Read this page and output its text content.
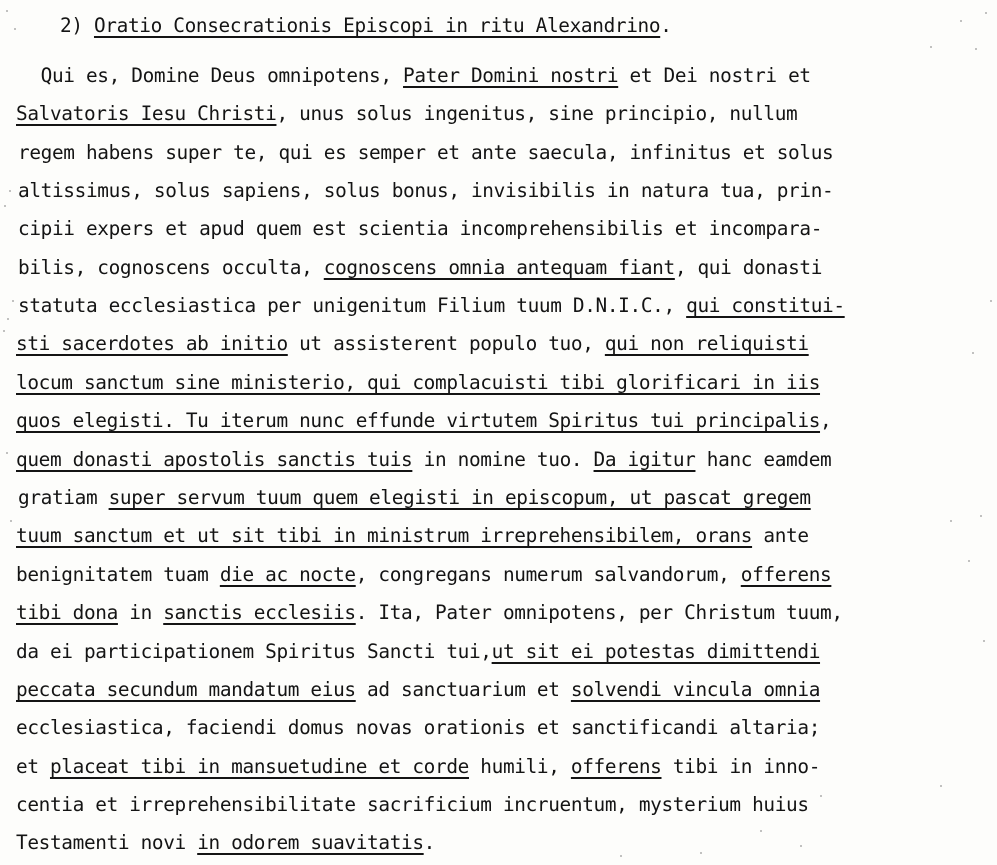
2) Oratio Consecrationis Episcopi in ritu Alexandrino.
Qui es, Domine Deus omnipotens, Pater Domini nostri et Dei nostri et
Salvatoris Iesu Christi, unus solus ingenitus, sine principio, nullum
regem habens super te, qui es semper et ante saecula, infinitus et solus
altissimus, solus sapiens, solus bonus, invisibilis in natura tua, prin-
cipii expers et apud quem est scientia incomprehensibilis et incompara-
bilis, cognoscens occulta, cognoscens omnia antequam fiant, qui donasti
statuta ecclesiastica per unigenitum Filium tuum D.N.I.C., qui constitui-
sti sacerdotes ab initio ut assisterent populo tuo, qui non reliquisti
locum sanctum sine ministerio, qui complacuisti tibi glorificari in iis
quos elegisti. Tu iterum nunc effunde virtutem Spiritus tui principalis,
quem donasti apostolis sanctis tuis in nomine tuo. Da igitur hanc eamdem
gratiam super servum tuum quem elegisti in episcopum, ut pascat gregem
tuum sanctum et ut sit tibi in ministrum irreprehensibilem, orans ante
benignitatem tuam die ac nocte, congregans numerum salvandorum, offerens
tibi dona in sanctis ecclesiis. Ita, Pater omnipotens, per Christum tuum,
da ei participationem Spiritus Sancti tui,ut sit ei potestas dimittendi
peccata secundum mandatum eius ad sanctuarium et solvendi vincula omnia
ecclesiastica, faciendi domus novas orationis et sanctificandi altaria;
et placeat tibi in mansuetudine et corde humili, offerens tibi in inno-
centia et irreprehensibilitate sacrificium incruentum, mysterium huius
Testamenti novi in odorem suavitatis.
